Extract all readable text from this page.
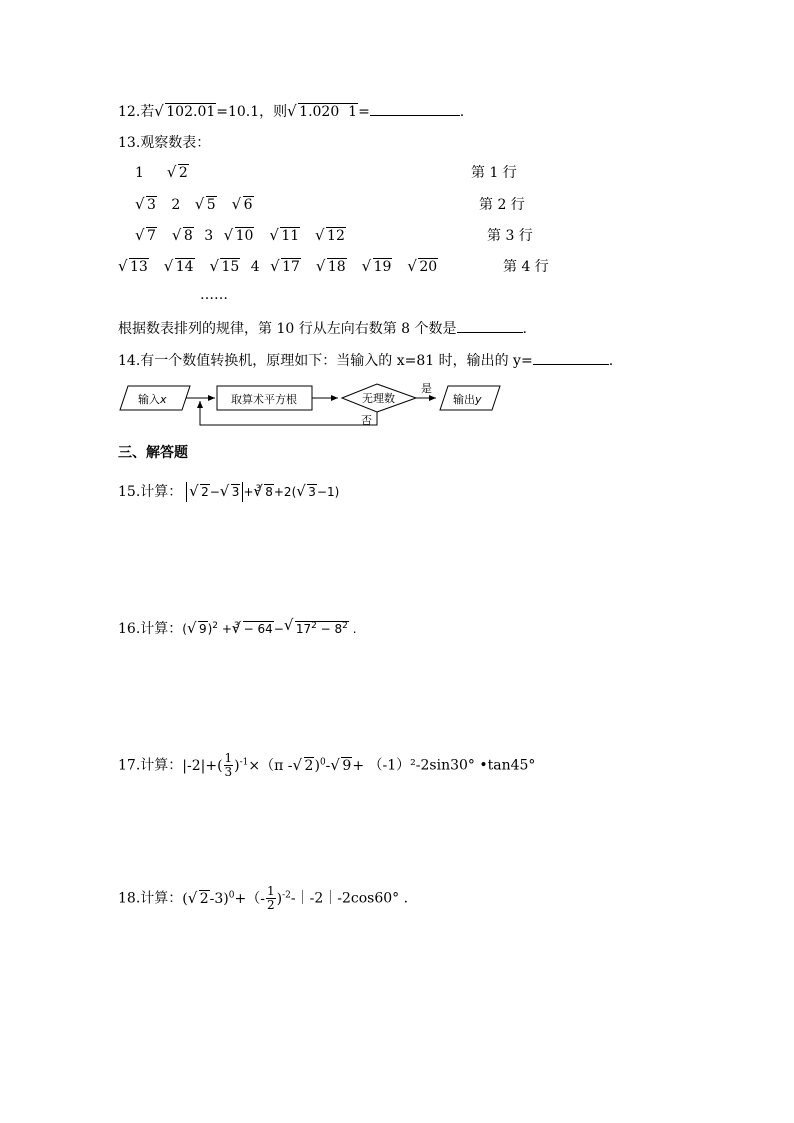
12.若 √ 102.01=10.1，则 √ 1.020  1=	.
13.观察数表：
1 √ 2	第 1 行
√ 3 2 √ 5 √ 6	第 2 行
√ 7 √ 8 3 √ 10 √ 11 √ 12	第 3 行
√ 13 √ 14 √ 15 4 √ 17 √ 18 √ 19 √ 20	第 4 行
……
根据数表排列的规律，第 10 行从左向右数第 8 个数是	.
14.有一个数值转换机，原理如下：当输入的 x=81 时，输出的 y=	.
输入x	取算术平方根	无理数
是
输出y
否
三、解答题
15.计算： √ 2− √ 3 + $^3$ √ 8+2( √ 3−1)
16.计算：( √ 9)$^2$ + $^3$ √ − 64− √ $17^2 - 8^2$ .
17.计算：$|-2|+( \frac{1}{3} )^{-1}\times(\pi$ - √ 2)$^0$- √ 9+ （-1）²-2sin30° •tan45°
18.计算：( √ $2-3)^0+(- \frac{1}{2}$ )$^{-2}$-｜-2｜-2cos60° .
